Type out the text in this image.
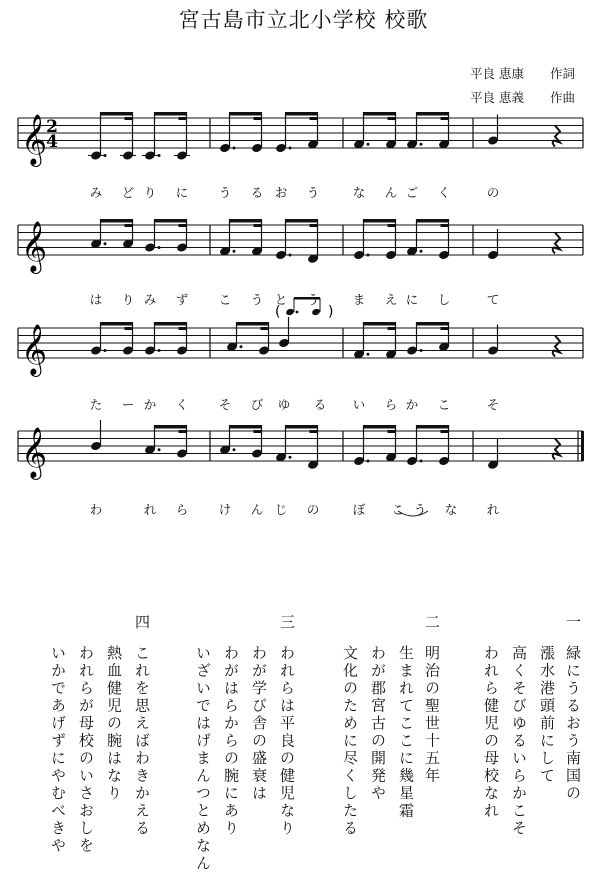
宮古島市立北小学校 校歌
平良 恵康 作詞
平良 恵義 作曲
𝄞 2
4
𝄞
𝄞
(	)
𝄞
み	ど り	に	う	る お	う	な	ん ご	く	の
は	り み	ず	こ	う と	う	ま	え に	し	て
た	ー か	く	そ	び	ゆ	る	い	ら か	こ	そ
わ	れ	ら	け	ん じ	の	ぼ	こ う	な	れ
一
緑にうるおう南国の
漲水港頭前にして
高くそびゆるいらかこそ
われら健児の母校なれ
二
明治の聖世十五年
生まれてここに幾星霜
わが郡宮古の開発や
文化のために尽くしたる
三
われらは平良の健児なり
わが学び舎の盛衰は
わがはらからの腕にあり
いざいではげまんつとめなん
四
これを思えばわきかえる
熱血健児の腕はなり
われらが母校のいさおしを
いかであげずにやむべきや
